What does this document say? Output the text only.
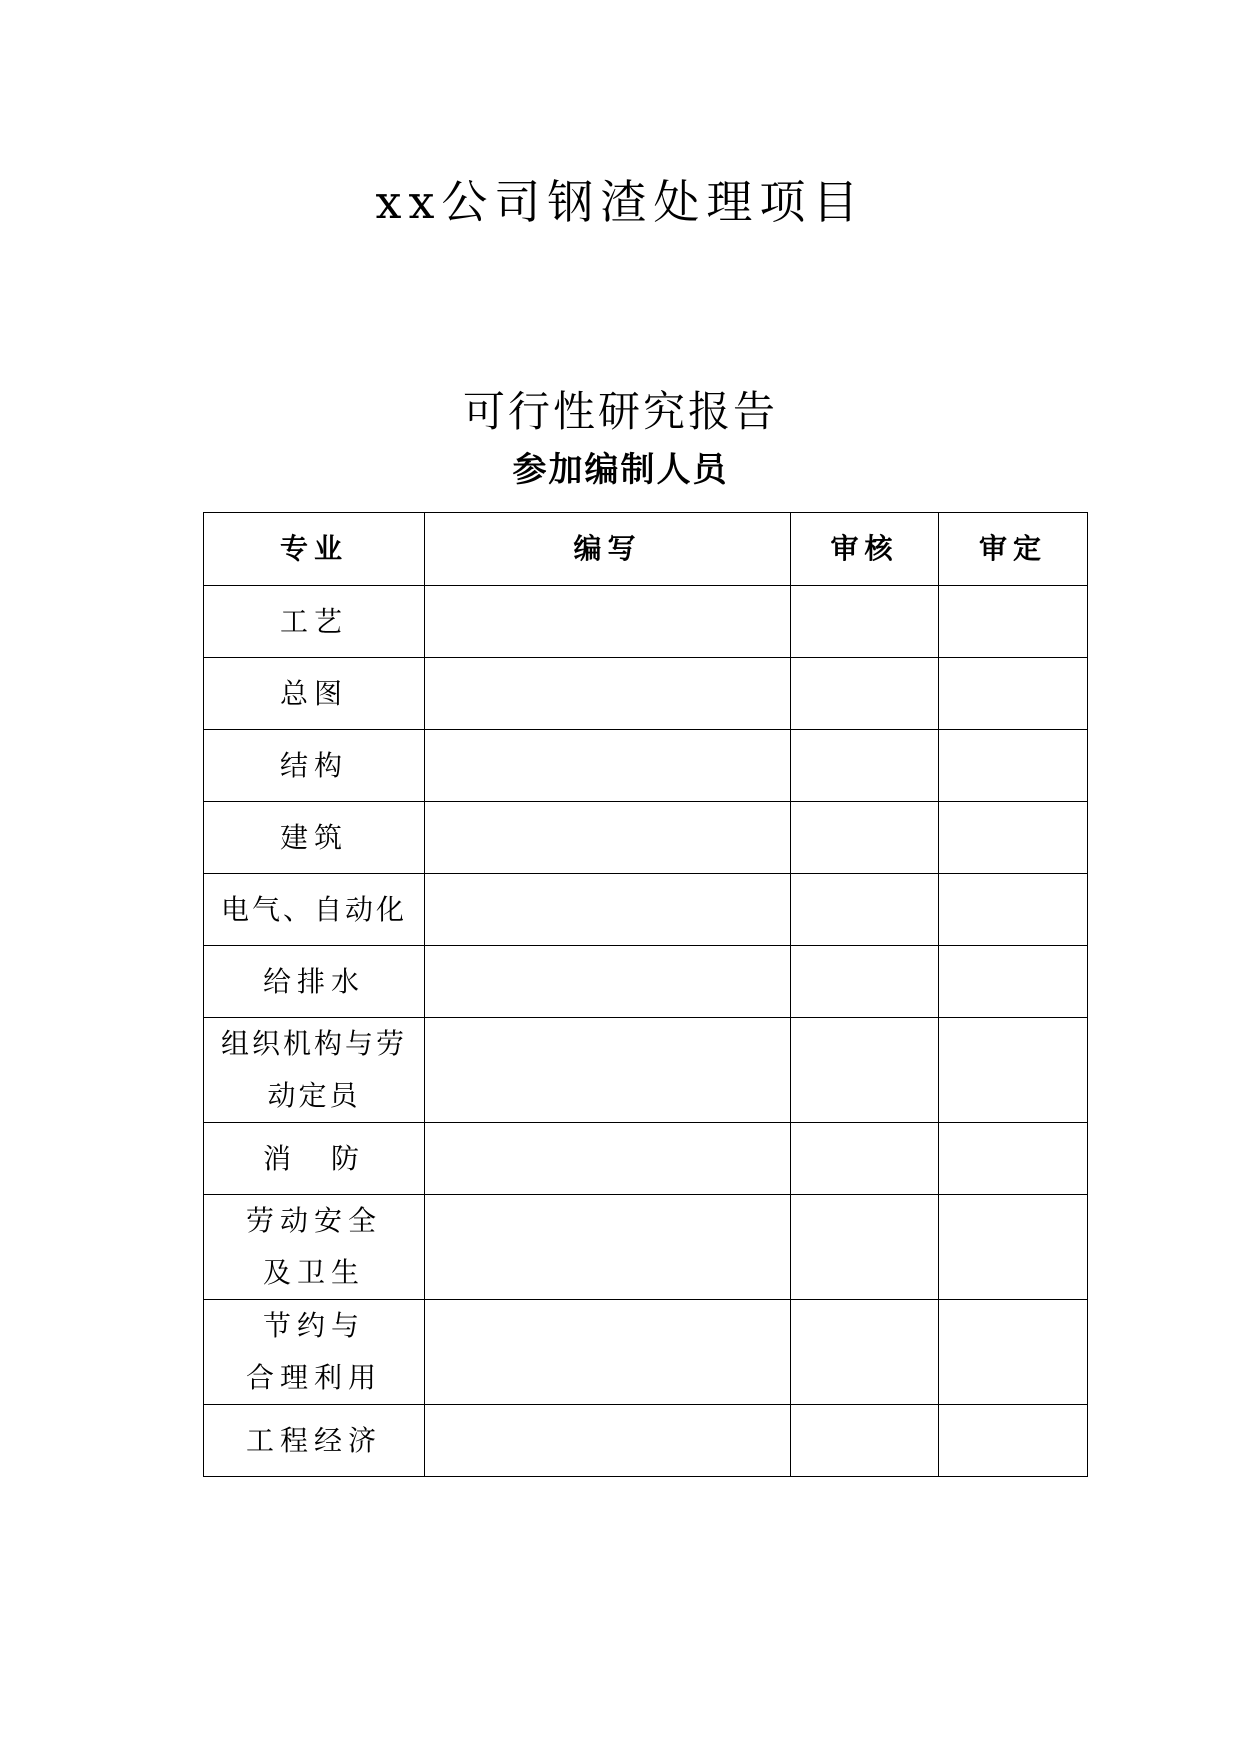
xx公司钢渣处理项目
可行性研究报告
参加编制人员
专业	编写	审核	审定

工艺			

总图			

结构			

建筑			

电气、自动化			

给排水			

组织机构与劳
动定员			

消　防			

劳动安全
及卫生			

节约与
合理利用			

工程经济			
